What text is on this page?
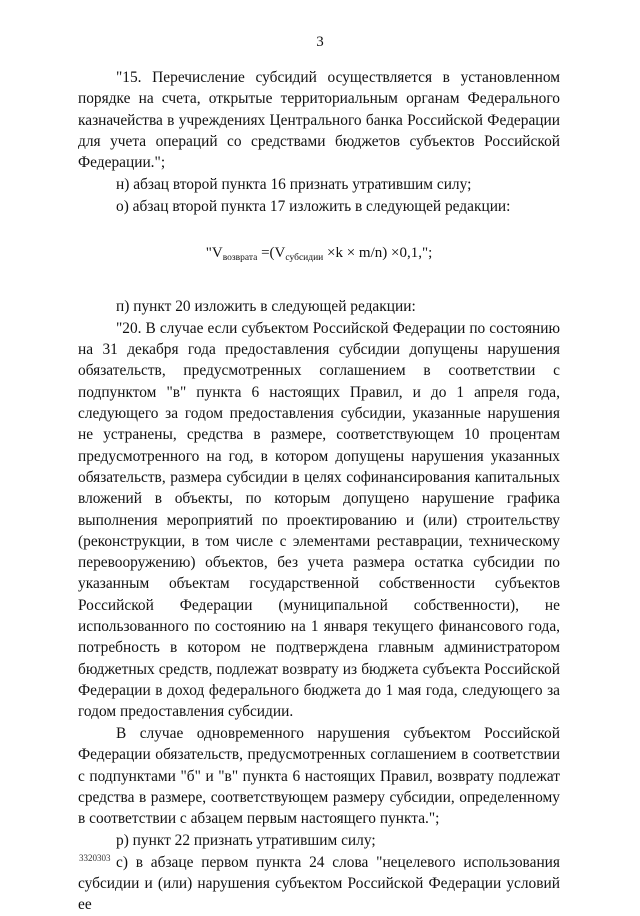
3

"15. Перечисление субсидий осуществляется в установленном порядке на счета, открытые территориальным органам Федерального казначейства в учреждениях Центрального банка Российской Федерации для учета операций со средствами бюджетов субъектов Российской Федерации.";

н) абзац второй пункта 16 признать утратившим силу;

о) абзац второй пункта 17 изложить в следующей редакции:

"$V_{возврата} =(V_{субсидии} \times k \times m/n) \times 0,1$,";

п) пункт 20 изложить в следующей редакции:

"20. В случае если субъектом Российской Федерации по состоянию на 31 декабря года предоставления субсидии допущены нарушения обязательств, предусмотренных соглашением в соответствии с подпунктом "в" пункта 6 настоящих Правил, и до 1 апреля года, следующего за годом предоставления субсидии, указанные нарушения не устранены, средства в размере, соответствующем 10 процентам предусмотренного на год, в котором допущены нарушения указанных обязательств, размера субсидии в целях софинансирования капитальных вложений в объекты, по которым допущено нарушение графика выполнения мероприятий по проектированию и (или) строительству (реконструкции, в том числе с элементами реставрации, техническому перевооружению) объектов, без учета размера остатка субсидии по указанным объектам государственной собственности субъектов Российской Федерации (муниципальной собственности), не использованного по состоянию на 1 января текущего финансового года, потребность в котором не подтверждена главным администратором бюджетных средств, подлежат возврату из бюджета субъекта Российской Федерации в доход федерального бюджета до 1 мая года, следующего за годом предоставления субсидии.

В случае одновременного нарушения субъектом Российской Федерации обязательств, предусмотренных соглашением в соответствии с подпунктами "б" и "в" пункта 6 настоящих Правил, возврату подлежат средства в размере, соответствующем размеру субсидии, определенному в соответствии с абзацем первым настоящего пункта.";

р) пункт 22 признать утратившим силу;

с) в абзаце первом пункта 24 слова "нецелевого использования субсидии и (или) нарушения субъектом Российской Федерации условий ее

3320303
